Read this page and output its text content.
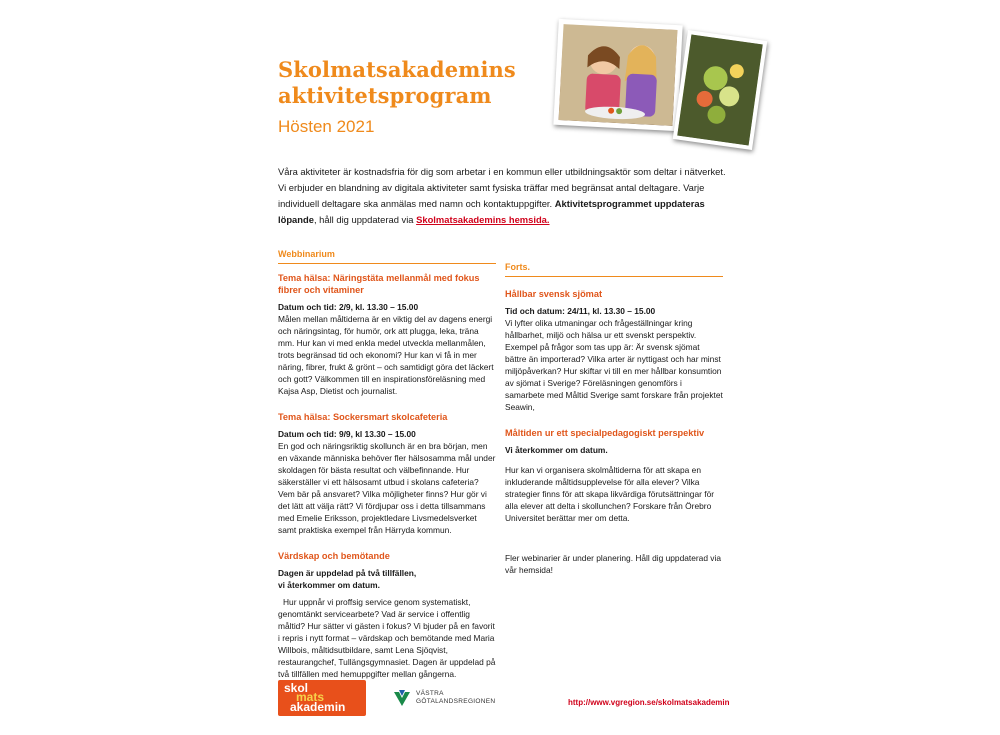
Skolmatsakademins
aktivitetsprogram
Hösten 2021
Våra aktiviteter är kostnadsfria för dig som arbetar i en kommun eller utbildningsaktör som deltar i nätverket. Vi erbjuder en blandning av digitala aktiviteter samt fysiska träffar med begränsat antal deltagare. Varje individuell deltagare ska anmälas med namn och kontaktuppgifter. Aktivitetsprogrammet uppdateras löpande, håll dig uppdaterad via Skolmatsakademins hemsida.
Webbinarium
Tema hälsa: Näringstäta mellanmål med fokus fibrer och vitaminer
Datum och tid: 2/9, kl. 13.30 – 15.00
Målen mellan måltiderna är en viktig del av dagens energi och näringsintag, för humör, ork att plugga, leka, träna mm. Hur kan vi med enkla medel utveckla mellanmålen, trots begränsad tid och ekonomi? Hur kan vi få in mer näring, fibrer, frukt & grönt – och samtidigt göra det läckert och gott? Välkommen till en inspirationsföreläsning med Kajsa Asp, Dietist och journalist.
Tema hälsa: Sockersmart skolcafeteria
Datum och tid: 9/9, kl 13.30 – 15.00
En god och näringsriktig skollunch är en bra början, men en växande människa behöver fler hälsosamma mål under skoldagen för bästa resultat och välbefinnande. Hur säkerställer vi ett hälsosamt utbud i skolans cafeteria? Vem bär på ansvaret? Vilka möjligheter finns? Hur gör vi det lätt att välja rätt? Vi fördjupar oss i detta tillsammans med Emelie Eriksson, projektledare Livsmedelsverket samt praktiska exempel från Härryda kommun.
Värdskap och bemötande
Dagen är uppdelad på två tillfällen,
vi återkommer om datum.
Hur uppnår vi proffsig service genom systematiskt, genomtänkt servicearbete? Vad är service i offentlig måltid? Hur sätter vi gästen i fokus? Vi bjuder på en favorit i repris i nytt format – värdskap och bemötande med Maria Willbois, måltidsutbildare, samt Lena Sjöqvist, restaurangchef, Tullängsgymnasiet. Dagen är uppdelad på två tillfällen med hemuppgifter mellan gångerna.
Forts.
Hållbar svensk sjömat
Tid och datum: 24/11, kl. 13.30 – 15.00
Vi lyfter olika utmaningar och frågeställningar kring hållbarhet, miljö och hälsa ur ett svenskt perspektiv. Exempel på frågor som tas upp är: Är svensk sjömat bättre än importerad? Vilka arter är nyttigast och har minst miljöpåverkan? Hur skiftar vi till en mer hållbar konsumtion av sjömat i Sverige? Föreläsningen genomförs i samarbete med Måltid Sverige samt forskare från projektet Seawin,
Måltiden ur ett specialpedagogiskt perspektiv
Vi återkommer om datum.
Hur kan vi organisera skolmåltiderna för att skapa en inkluderande måltidsupplevelse för alla elever? Vilka strategier finns för att skapa likvärdiga förutsättningar för alla elever att delta i skollunchen? Forskare från Örebro Universitet berättar mer om detta.
Fler webinarier är under planering. Håll dig uppdaterad via vår hemsida!
skol
mats
akademin
VÄSTRA
GÖTALANDSREGIONEN	http://www.vgregion.se/skolmatsakademin
